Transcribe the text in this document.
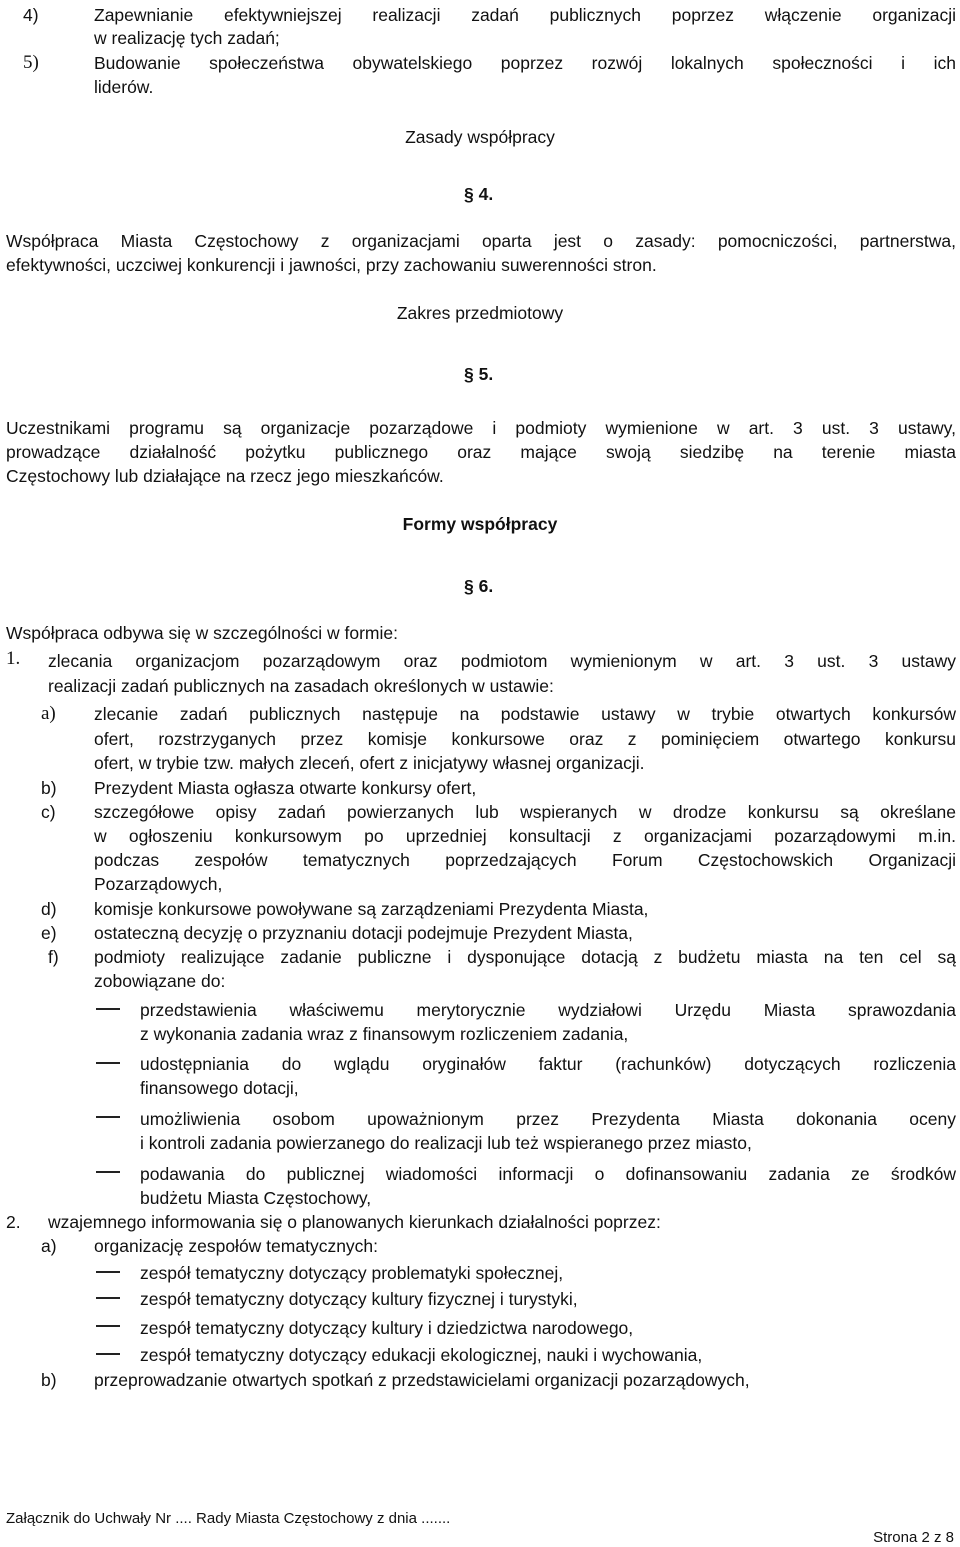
4)	Zapewnianie efektywniejszej realizacji zadań publicznych poprzez włączenie organizacji
w realizację tych zadań;
5)	Budowanie społeczeństwa obywatelskiego poprzez rozwój lokalnych społeczności i ich
liderów.
Zasady współpracy
§ 4.
Współpraca Miasta Częstochowy z organizacjami oparta jest o zasady: pomocniczości, partnerstwa,
efektywności, uczciwej konkurencji i jawności, przy zachowaniu suwerenności stron.
Zakres przedmiotowy
§ 5.
Uczestnikami programu są organizacje pozarządowe i podmioty wymienione w art. 3 ust. 3 ustawy,
prowadzące działalność pożytku publicznego oraz mające swoją siedzibę na terenie miasta
Częstochowy lub działające na rzecz jego mieszkańców.
Formy współpracy
§ 6.
Współpraca odbywa się w szczególności w formie:
1. zlecania organizacjom pozarządowym oraz podmiotom wymienionym w art. 3 ust. 3 ustawy
realizacji zadań publicznych na zasadach określonych w ustawie:
a) zlecanie zadań publicznych następuje na podstawie ustawy w trybie otwartych konkursów
ofert, rozstrzyganych przez komisje konkursowe oraz z pominięciem otwartego konkursu
ofert, w trybie tzw. małych zleceń, ofert z inicjatywy własnej organizacji.
b) Prezydent Miasta ogłasza otwarte konkursy ofert,
c) szczegółowe opisy zadań powierzanych lub wspieranych w drodze konkursu są określane
w ogłoszeniu konkursowym po uprzedniej konsultacji z organizacjami pozarządowymi m.in.
podczas zespołów tematycznych poprzedzających Forum Częstochowskich Organizacji
Pozarządowych,
d) komisje konkursowe powoływane są zarządzeniami Prezydenta Miasta,
e) ostateczną decyzję o przyznaniu dotacji podejmuje Prezydent Miasta,
f) podmioty realizujące zadanie publiczne i dysponujące dotacją z budżetu miasta na ten cel są
zobowiązane do:
przedstawienia właściwemu merytorycznie wydziałowi Urzędu Miasta sprawozdania
z wykonania zadania wraz z finansowym rozliczeniem zadania,
udostępniania do wglądu oryginałów faktur (rachunków) dotyczących rozliczenia
finansowego dotacji,
umożliwienia osobom upoważnionym przez Prezydenta Miasta dokonania oceny
i kontroli zadania powierzanego do realizacji lub też wspieranego przez miasto,
podawania do publicznej wiadomości informacji o dofinansowaniu zadania ze środków
budżetu Miasta Częstochowy,
2. wzajemnego informowania się o planowanych kierunkach działalności poprzez:
a) organizację zespołów tematycznych:
zespół tematyczny dotyczący problematyki społecznej,
zespół tematyczny dotyczący kultury fizycznej i turystyki,
zespół tematyczny dotyczący kultury i dziedzictwa narodowego,
zespół tematyczny dotyczący edukacji ekologicznej, nauki i wychowania,
b) przeprowadzanie otwartych spotkań z przedstawicielami organizacji pozarządowych,
Załącznik do Uchwały Nr .... Rady Miasta Częstochowy z dnia .......
Strona 2 z 8
